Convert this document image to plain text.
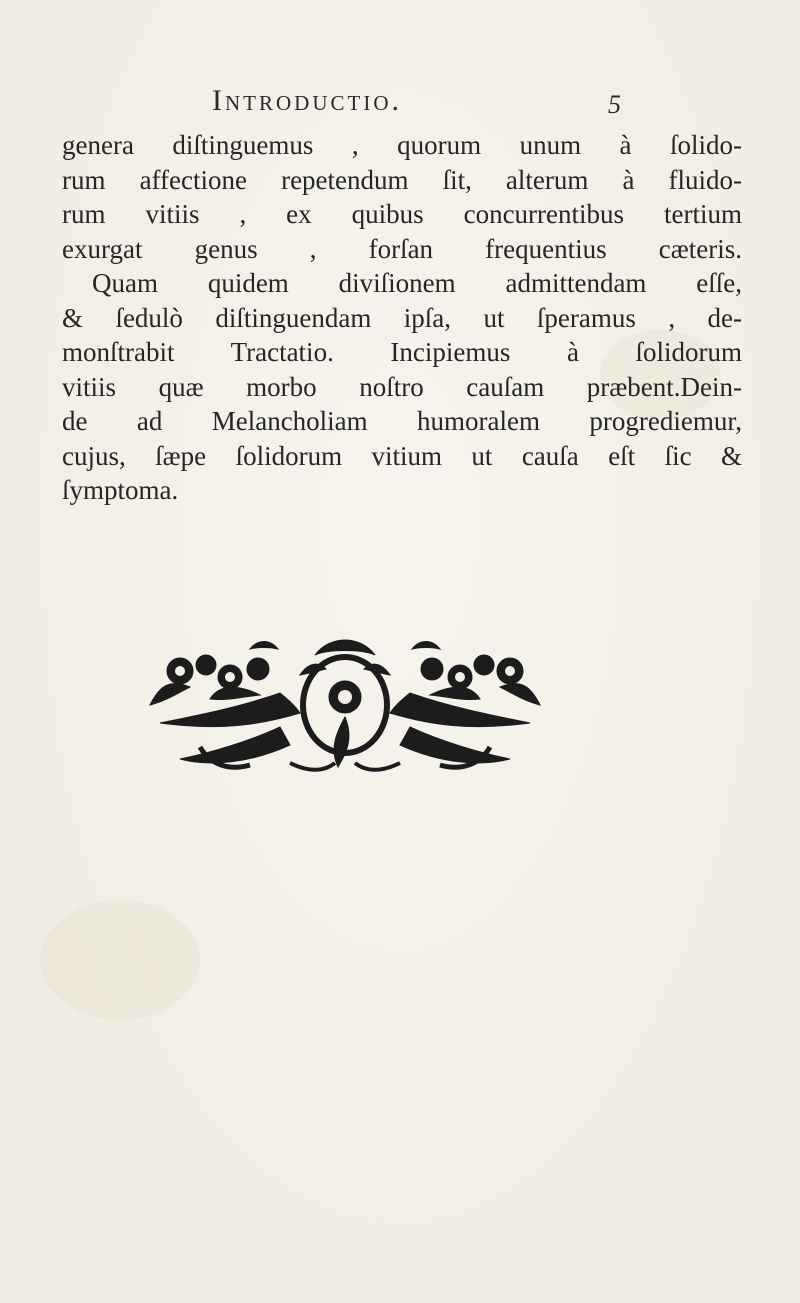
Introductio.	5
genera diſtinguemus , quorum unum à ſolido-
rum affectione repetendum ſit, alterum à fluido-
rum vitiis , ex quibus concurrentibus tertium
exurgat genus , forſan frequentius cæteris.
Quam quidem diviſionem admittendam eſſe,
& ſedulò diſtinguendam ipſa, ut ſperamus , de-
monſtrabit Tractatio. Incipiemus à ſolidorum
vitiis quæ morbo noſtro cauſam præbent.Dein-
de ad Melancholiam humoralem progrediemur,
cujus, ſæpe ſolidorum vitium ut cauſa eſt ſic &
ſymptoma.
